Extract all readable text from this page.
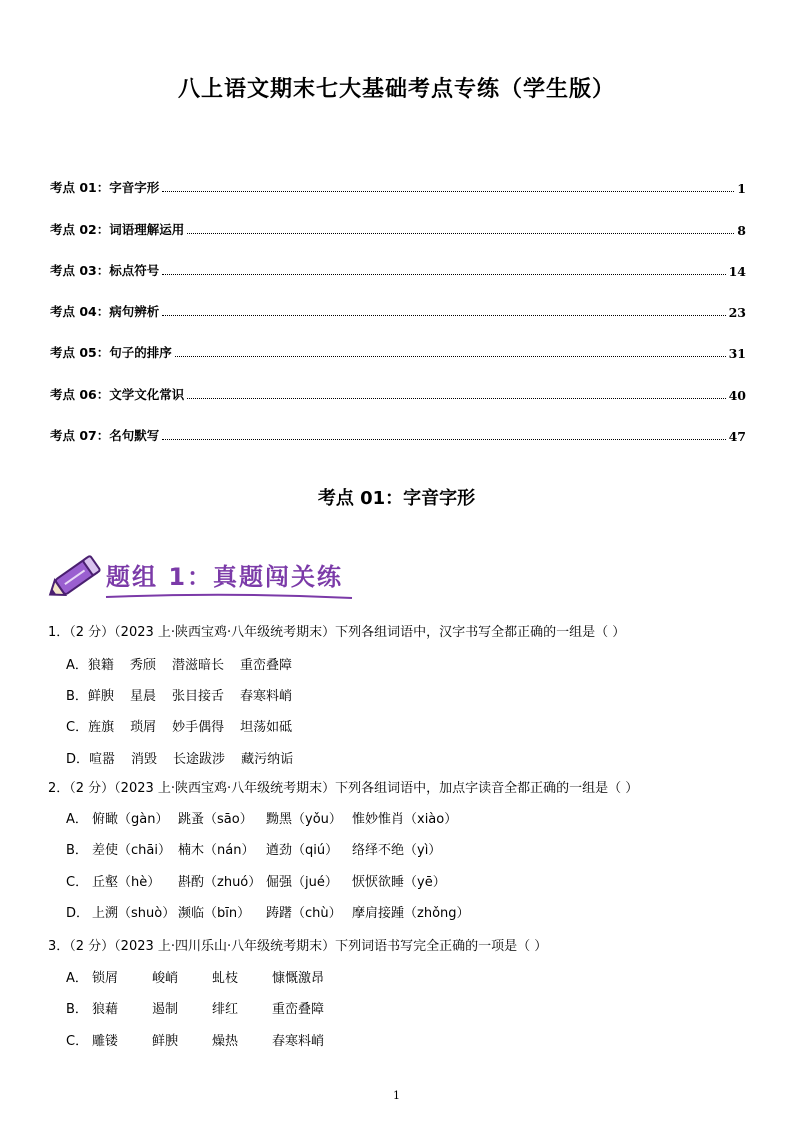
八上语文期末七大基础考点专练（学生版）
考点 01：字音字形	1
考点 02：词语理解运用	8
考点 03：标点符号	14
考点 04：病句辨析	23
考点 05：句子的排序	31
考点 06：文学文化常识	40
考点 07：名句默写	47
考点 01：字音字形
题组 1：真题闯关练
1．（2 分）（2023 上·陕西宝鸡·八年级统考期末）下列各组词语中，汉字书写全都正确的一组是（ ）
A．狼籍 秀颀 潜滋暗长 重峦叠障
B．鲜腴 星晨 张目接舌 春寒料峭
C．旌旗 琐屑 妙手偶得 坦荡如砥
D．喧嚣 消毁 长途跋涉 藏污纳诟
2．（2 分）（2023 上·陕西宝鸡·八年级统考期末）下列各组词语中，加点字读音全都正确的一组是（ ）
A． 俯瞰（gàn） 跳蚤（sāo） 黝黑（yǒu） 惟妙惟肖（xiào）
B． 差使（chāi） 楠木（nán） 遒劲（qiú） 络绎不绝（yì）
C． 丘壑（hè） 斟酌（zhuó） 倔强（jué） 恹恹欲睡（yē）
D． 上溯（shuò） 濒临（bīn） 踌躇（chù） 摩肩接踵（zhǒng）
3．（2 分）（2023 上·四川乐山·八年级统考期末）下列词语书写完全正确的一项是（ ）
A． 锁屑	峻峭	虬枝	慷慨激昂
B． 狼藉	遏制	绯红	重峦叠障
C． 雕镂	鲜腴	燥热	春寒料峭
1
